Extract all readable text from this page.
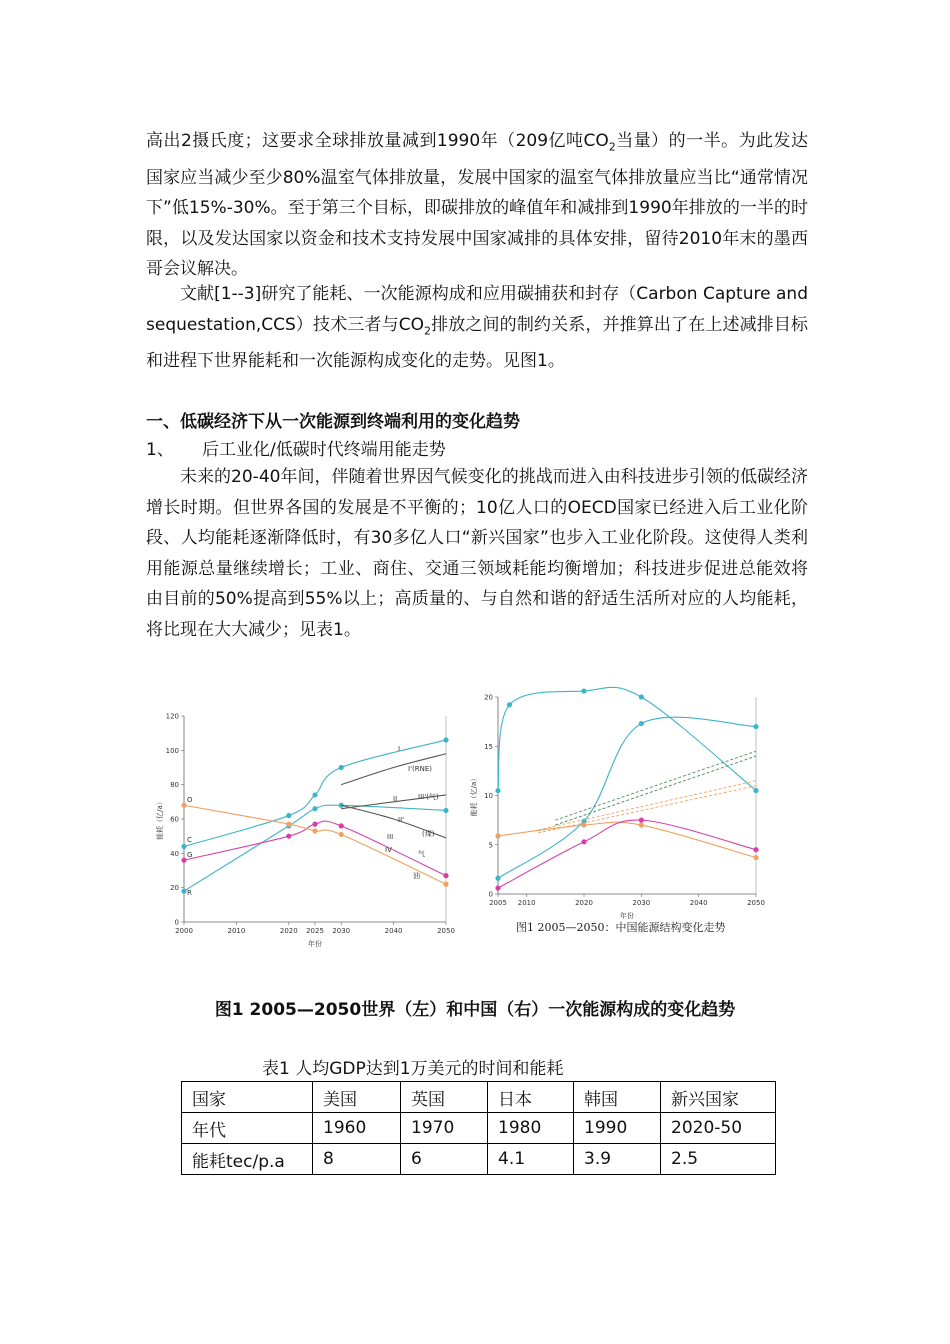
高出2摄氏度；这要求全球排放量减到1990年（209亿吨$CO_2$当量）的一半。为此发达国家应当减少至少80%温室气体排放量，发展中国家的温室气体排放量应当比“通常情况下”低15%-30%。至于第三个目标，即碳排放的峰值年和减排到1990年排放的一半的时限，以及发达国家以资金和技术支持发展中国家减排的具体安排，留待2010年末的墨西哥会议解决。

文献[1--3]研究了能耗、一次能源构成和应用碳捕获和封存（Carbon Capture and sequestation,CCS）技术三者与$CO_2$排放之间的制约关系，并推算出了在上述减排目标和进程下世界能耗和一次能源构成变化的走势。见图1。

一、低碳经济下从一次能源到终端利用的变化趋势

1、 后工业化/低碳时代终端用能走势

未来的20-40年间，伴随着世界因气候变化的挑战而进入由科技进步引领的低碳经济增长时期。但世界各国的发展是不平衡的；10亿人口的OECD国家已经进入后工业化阶段、人均能耗逐渐降低时，有30多亿人口“新兴国家”也步入工业化阶段。这使得人类利用能源总量继续增长；工业、商住、交通三领域耗能均衡增加；科技进步促进总能效将由目前的50%提高到55%以上；高质量的、与自然和谐的舒适生活所对应的人均能耗，将比现在大大减少；见表1。

0
20
40
60
80
100
120
2000	2010	2020 2025 2030	2040	2050
年份
能耗（亿/a）	O
C
G
R
I
I'(RNE)
II	III'(气)
II'
(煤)
III
IV	气
油
0
5
10
15
20
2005 2010	2020	2030	2040	2050
年份
能耗（亿/a）
图1 2005—2050：中国能源结构变化走势
图1 2005—2050世界（左）和中国（右）一次能源构成的变化趋势
表1 人均GDP达到1万美元的时间和能耗
国家	美国	英国	日本	韩国	新兴国家
年代	1960	1970	1980	1990	2020-50
能耗tec/p.a	8	6	4.1	3.9	2.5
